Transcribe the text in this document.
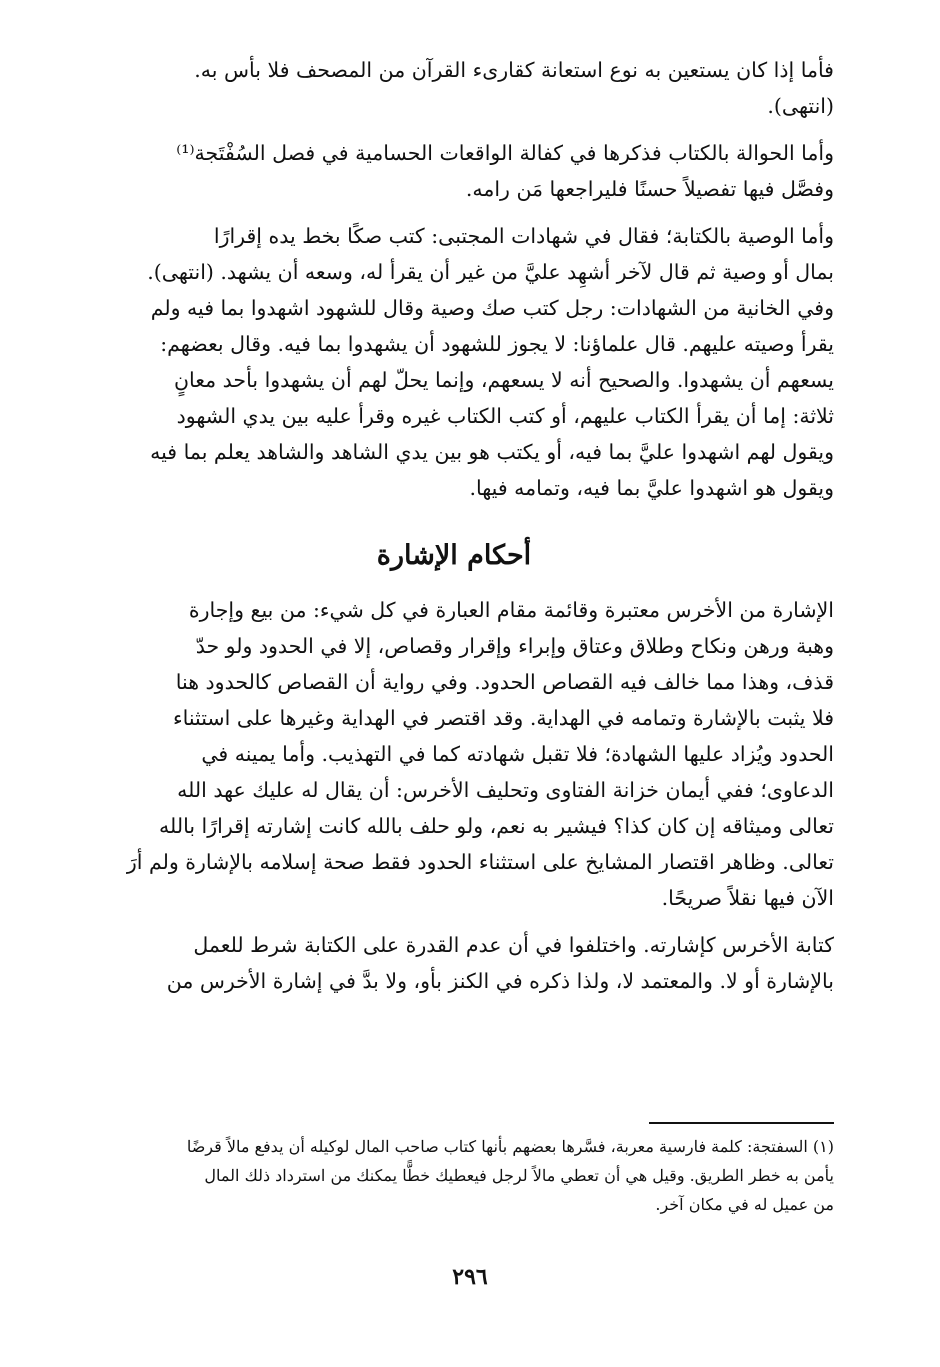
فأما إذا كان يستعين به نوع استعانة كقارىء القرآن من المصحف فلا بأس به.
(انتهى).

وأما الحوالة بالكتاب فذكرها في كفالة الواقعات الحسامية في فصل السُفْتَجة⁽¹⁾
وفصَّل فيها تفصيلاً حسنًا فليراجعها مَن رامه.

وأما الوصية بالكتابة؛ فقال في شهادات المجتبى: كتب صكًا بخط يده إقرارًا
بمال أو وصية ثم قال لآخر أشهِد عليَّ من غير أن يقرأ له، وسعه أن يشهد. (انتهى).
وفي الخانية من الشهادات: رجل كتب صك وصية وقال للشهود اشهدوا بما فيه ولم
يقرأ وصيته عليهم. قال علماؤنا: لا يجوز للشهود أن يشهدوا بما فيه. وقال بعضهم:
يسعهم أن يشهدوا. والصحيح أنه لا يسعهم، وإنما يحلّ لهم أن يشهدوا بأحد معانٍ
ثلاثة: إما أن يقرأ الكتاب عليهم، أو كتب الكتاب غيره وقرأ عليه بين يدي الشهود
ويقول لهم اشهدوا عليَّ بما فيه، أو يكتب هو بين يدي الشاهد والشاهد يعلم بما فيه
ويقول هو اشهدوا عليَّ بما فيه، وتمامه فيها.

أحكام الإشارة

الإشارة من الأخرس معتبرة وقائمة مقام العبارة في كل شيء: من بيع وإجارة
وهبة ورهن ونكاح وطلاق وعتاق وإبراء وإقرار وقصاص، إلا في الحدود ولو حدّ
قذف، وهذا مما خالف فيه القصاص الحدود. وفي رواية أن القصاص كالحدود هنا
فلا يثبت بالإشارة وتمامه في الهداية. وقد اقتصر في الهداية وغيرها على استثناء
الحدود ويُزاد عليها الشهادة؛ فلا تقبل شهادته كما في التهذيب. وأما يمينه في
الدعاوى؛ ففي أيمان خزانة الفتاوى وتحليف الأخرس: أن يقال له عليك عهد الله
تعالى وميثاقه إن كان كذا؟ فيشير به نعم، ولو حلف بالله كانت إشارته إقرارًا بالله
تعالى. وظاهر اقتصار المشايخ على استثناء الحدود فقط صحة إسلامه بالإشارة ولم أرَ
الآن فيها نقلاً صريحًا.

كتابة الأخرس كإشارته. واختلفوا في أن عدم القدرة على الكتابة شرط للعمل
بالإشارة أو لا. والمعتمد لا، ولذا ذكره في الكنز بأو، ولا بدَّ في إشارة الأخرس من

(١) السفتجة: كلمة فارسية معربة، فسَّرها بعضهم بأنها كتاب صاحب المال لوكيله أن يدفع مالاً قرضًا
يأمن به خطر الطريق. وقيل هي أن تعطي مالاً لرجل فيعطيك خطًّا يمكنك من استرداد ذلك المال
من عميل له في مكان آخر.

٢٩٦
